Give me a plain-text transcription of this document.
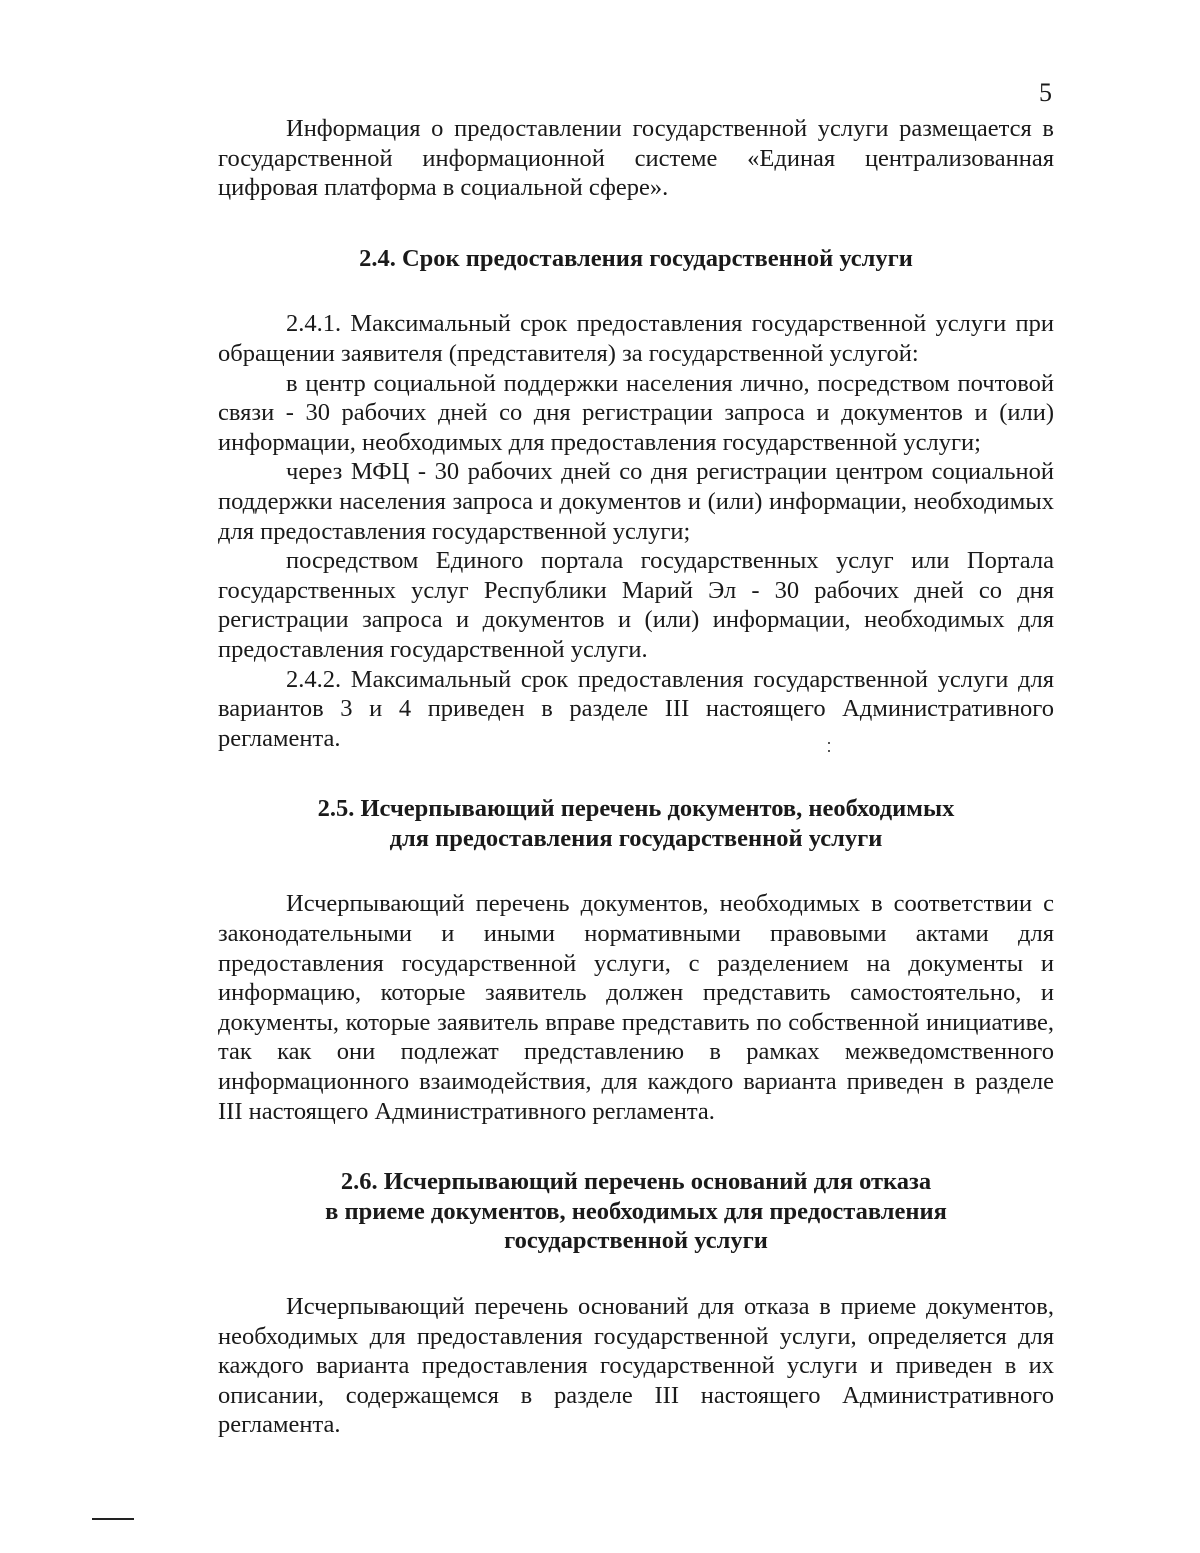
5

Информация о предоставлении государственной услуги размещается в государственной информационной системе «Единая централизованная цифровая платформа в социальной сфере».

2.4. Срок предоставления государственной услуги

2.4.1. Максимальный срок предоставления государственной услуги при обращении заявителя (представителя) за государственной услугой:

в центр социальной поддержки населения лично, посредством почтовой связи - 30 рабочих дней со дня регистрации запроса и документов и (или) информации, необходимых для предоставления государственной услуги;

через МФЦ - 30 рабочих дней со дня регистрации центром социальной поддержки населения запроса и документов и (или) информации, необходимых для предоставления государственной услуги;

посредством Единого портала государственных услуг или Портала государственных услуг Республики Марий Эл - 30 рабочих дней со дня регистрации запроса и документов и (или) информации, необходимых для предоставления государственной услуги.

2.4.2. Максимальный срок предоставления государственной услуги для вариантов 3 и 4 приведен в разделе III настоящего Административного регламента.

2.5. Исчерпывающий перечень документов, необходимых
для предоставления государственной услуги

Исчерпывающий перечень документов, необходимых в соответствии с законодательными и иными нормативными правовыми актами для предоставления государственной услуги, с разделением на документы и информацию, которые заявитель должен представить самостоятельно, и документы, которые заявитель вправе представить по собственной инициативе, так как они подлежат представлению в рамках межведомственного информационного взаимодействия, для каждого варианта приведен в разделе III настоящего Административного регламента.

2.6. Исчерпывающий перечень оснований для отказа
в приеме документов, необходимых для предоставления
государственной услуги

Исчерпывающий перечень оснований для отказа в приеме документов, необходимых для предоставления государственной услуги, определяется для каждого варианта предоставления государственной услуги и приведен в их описании, содержащемся в разделе III настоящего Административного регламента.
